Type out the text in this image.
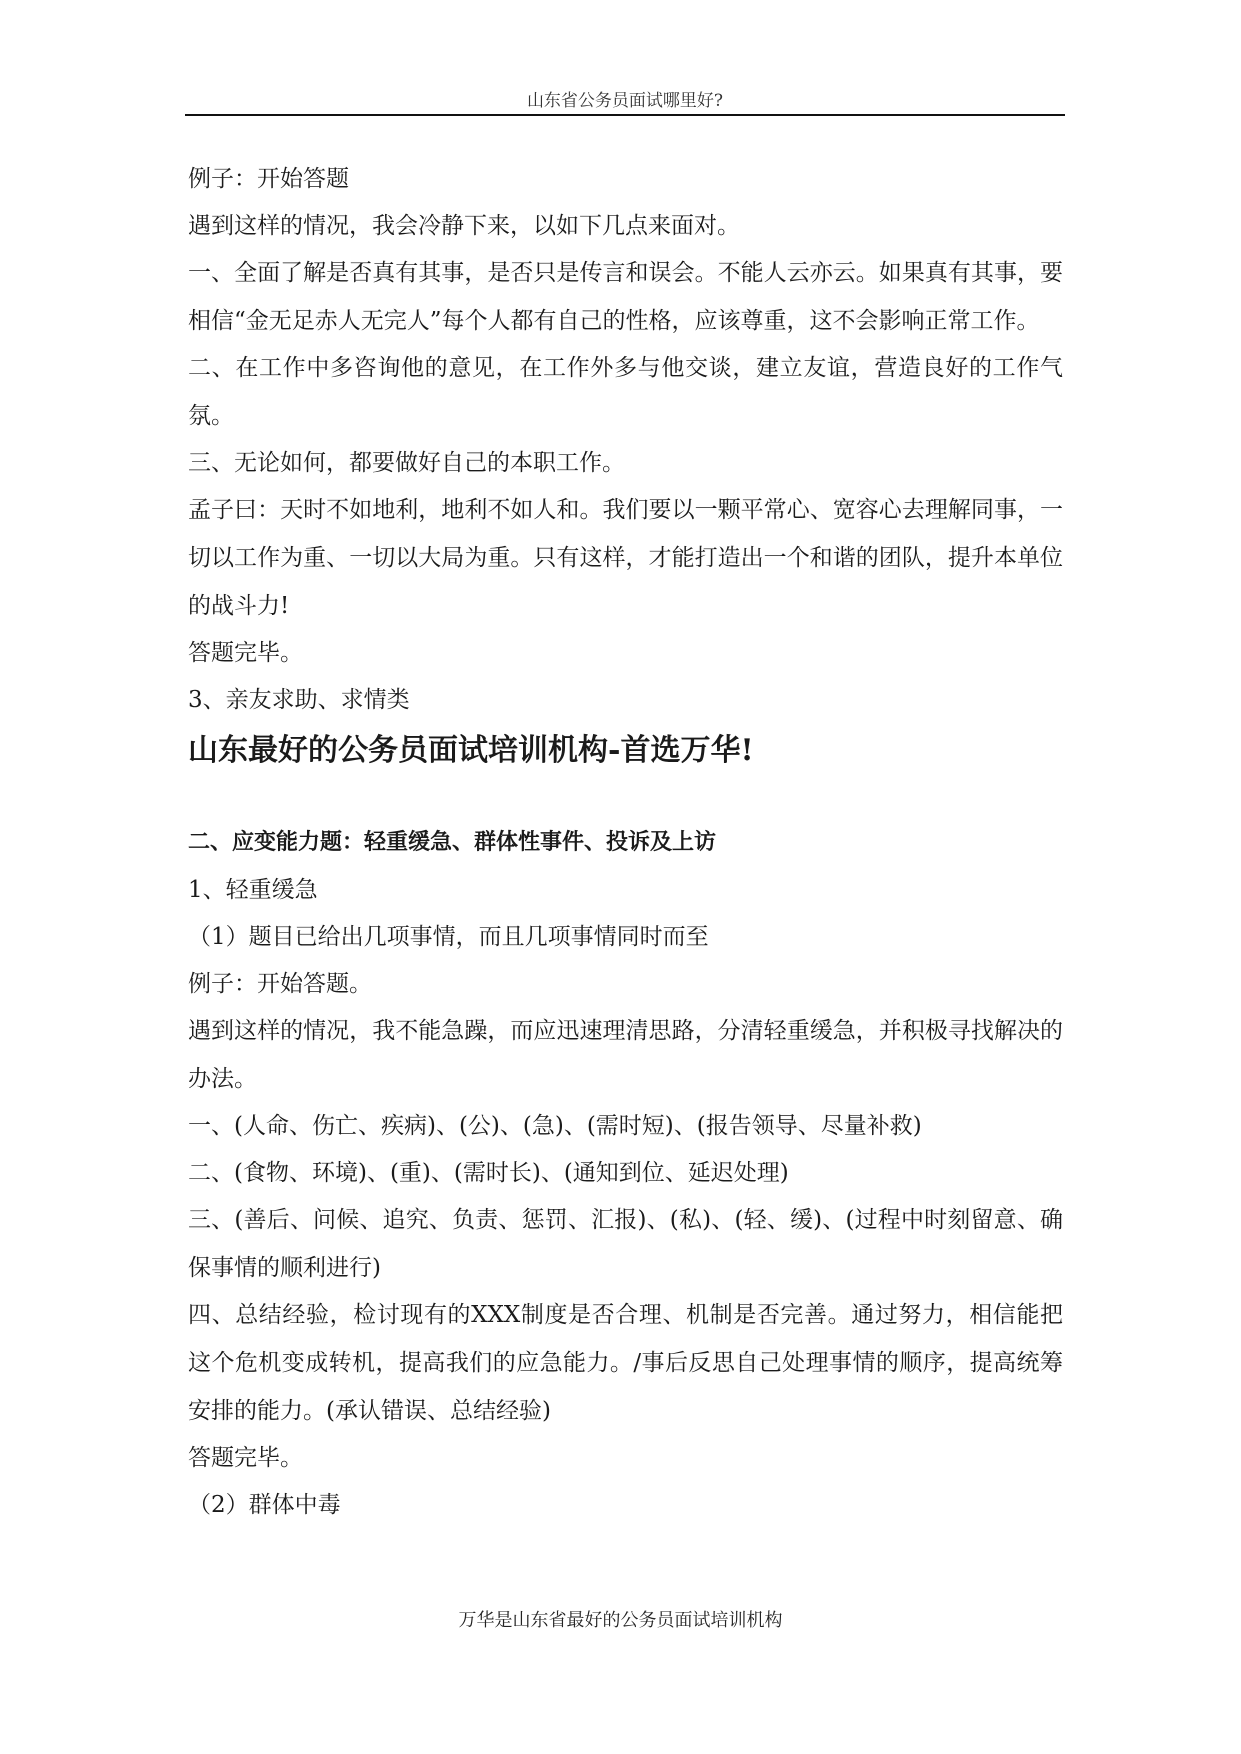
山东省公务员面试哪里好?

例子：开始答题

遇到这样的情况，我会冷静下来，以如下几点来面对。

一、全面了解是否真有其事，是否只是传言和误会。不能人云亦云。如果真有其事，要相信“金无足赤人无完人”每个人都有自己的性格，应该尊重，这不会影响正常工作。

二、在工作中多咨询他的意见，在工作外多与他交谈，建立友谊，营造良好的工作气氛。

三、无论如何，都要做好自己的本职工作。

孟子曰：天时不如地利，地利不如人和。我们要以一颗平常心、宽容心去理解同事，一切以工作为重、一切以大局为重。只有这样，才能打造出一个和谐的团队，提升本单位的战斗力!

答题完毕。

3、亲友求助、求情类

山东最好的公务员面试培训机构-首选万华!

二、应变能力题：轻重缓急、群体性事件、投诉及上访

1、轻重缓急

（1）题目已给出几项事情，而且几项事情同时而至

例子：开始答题。

遇到这样的情况，我不能急躁，而应迅速理清思路，分清轻重缓急，并积极寻找解决的办法。

一、(人命、伤亡、疾病)、(公)、(急)、(需时短)、(报告领导、尽量补救)

二、(食物、环境)、(重)、(需时长)、(通知到位、延迟处理)

三、(善后、问候、追究、负责、惩罚、汇报)、(私)、(轻、缓)、(过程中时刻留意、确保事情的顺利进行)

四、总结经验，检讨现有的XXX制度是否合理、机制是否完善。通过努力，相信能把这个危机变成转机，提高我们的应急能力。/事后反思自己处理事情的顺序，提高统筹安排的能力。(承认错误、总结经验)

答题完毕。

（2）群体中毒

万华是山东省最好的公务员面试培训机构
